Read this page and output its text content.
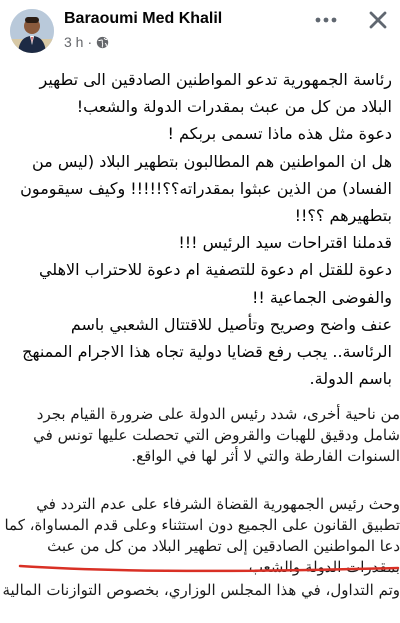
Baraoumi Med Khalil
3 h ·

رئاسة الجمهورية تدعو المواطنين الصادقين الى تطهير البلاد من كل من عبث بمقدرات الدولة والشعب!

دعوة مثل هذه ماذا تسمى بربكم !

هل ان المواطنين هم المطالبون بتطهير البلاد (ليس من الفساد) من الذين عبثوا بمقدراته؟؟!!!!! وكيف سيقومون بتطهيرهم ؟؟!!

قدملنا اقتراحات سيد الرئيس !!!

دعوة للقتل ام دعوة للتصفية ام دعوة للاحتراب الاهلي والفوضى الجماعية !!

عنف واضح وصريح وتأصيل للاقتتال الشعبي باسم الرئاسة.. يجب رفع قضايا دولية تجاه هذا الاجرام الممنهج باسم الدولة.

من ناحية أخرى، شدد رئيس الدولة على ضرورة القيام بجرد شامل ودقيق للهبات والقروض التي تحصلت عليها تونس في السنوات الفارطة والتي لا أثر لها في الواقع.
وحث رئيس الجمهورية القضاة الشرفاء على عدم التردد في تطبيق القانون على الجميع دون استثناء وعلى قدم المساواة، كما دعا المواطنين الصادقين إلى تطهير البلاد من كل من عبث بمقدرات الدولة والشعب.
وتم التداول، في هذا المجلس الوزاري، بخصوص التوازنات المالية
